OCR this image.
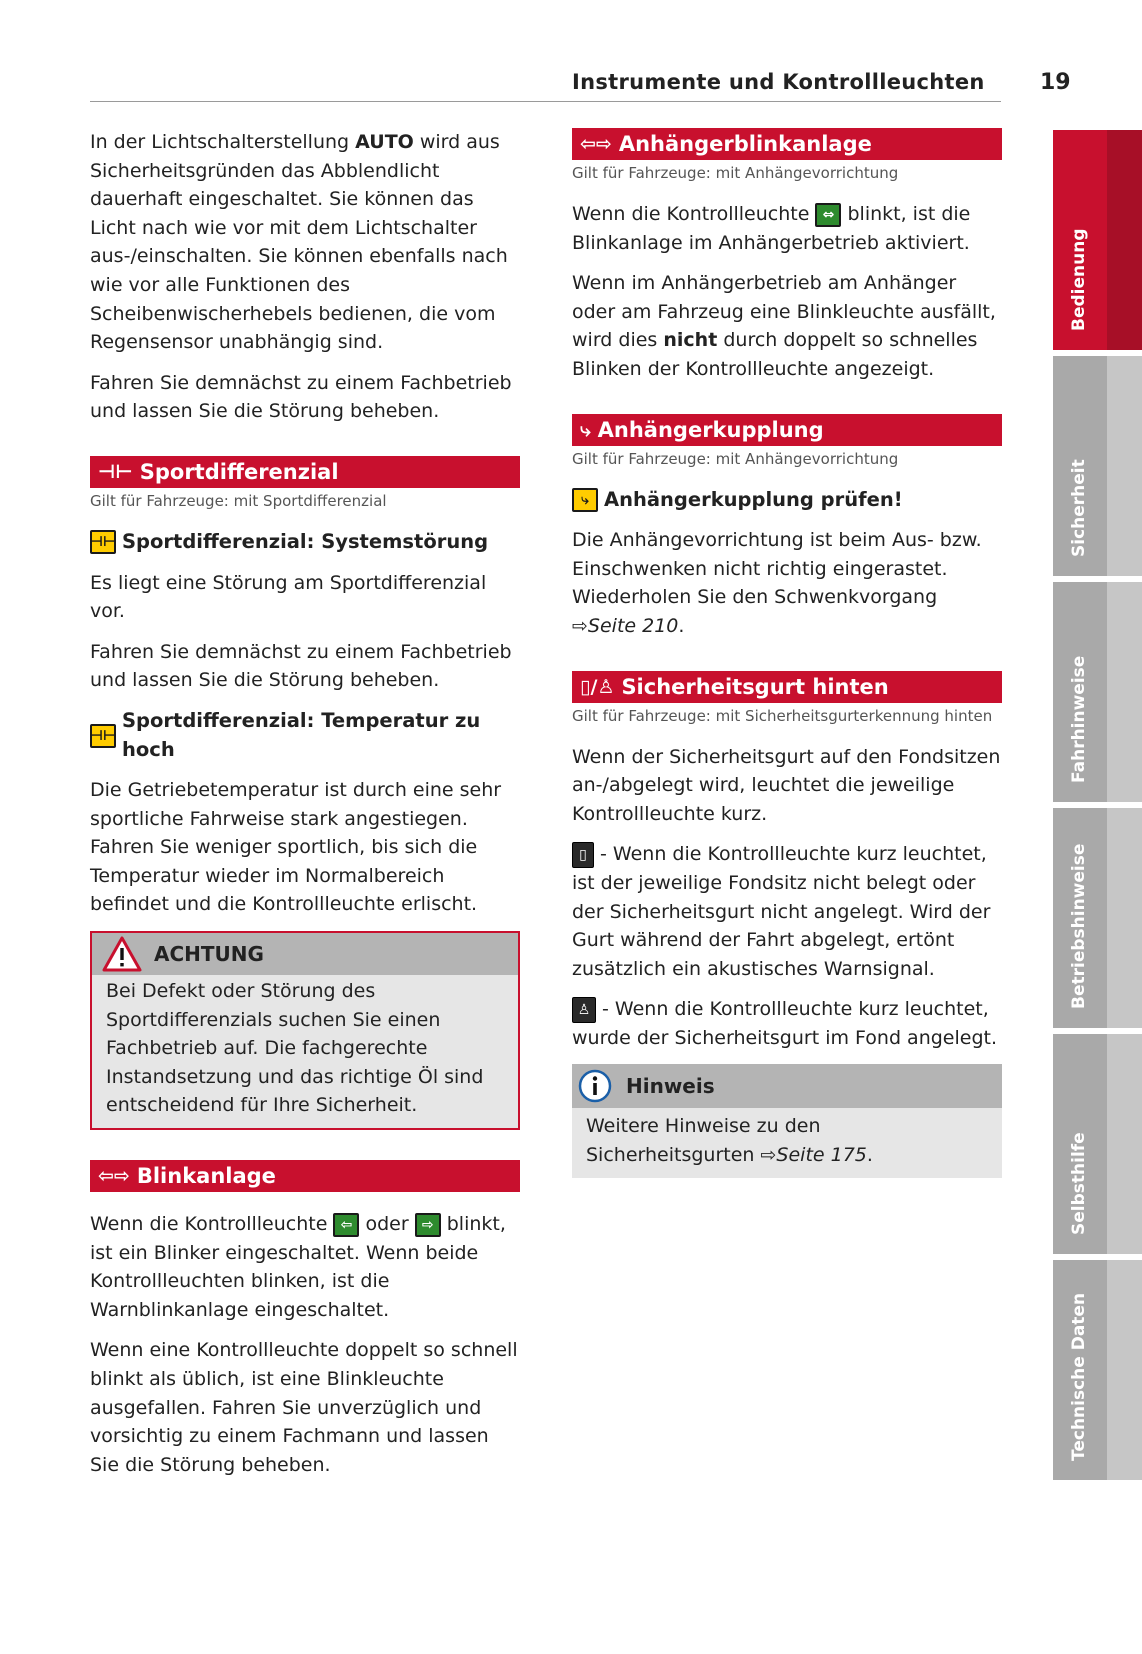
Instrumente und Kontrollleuchten	19

In der Lichtschalterstellung AUTO wird aus Sicherheitsgründen das Abblendlicht dauerhaft eingeschaltet. Sie können das Licht nach wie vor mit dem Lichtschalter aus-/einschalten. Sie können ebenfalls nach wie vor alle Funktionen des Scheibenwischerhebels bedienen, die vom Regensensor unabhängig sind.

Fahren Sie demnächst zu einem Fachbetrieb und lassen Sie die Störung beheben.

⊣⊢ Sportdifferenzial
Gilt für Fahrzeuge: mit Sportdifferenzial
⊣⊢ Sportdifferenzial: Systemstörung

Es liegt eine Störung am Sportdifferenzial vor.

Fahren Sie demnächst zu einem Fachbetrieb und lassen Sie die Störung beheben.

⊣⊢
Sportdifferenzial: Temperatur zu hoch

Die Getriebetemperatur ist durch eine sehr sportliche Fahrweise stark angestiegen. Fahren Sie weniger sportlich, bis sich die Temperatur wieder im Normalbereich befindet und die Kontrollleuchte erlischt.

ACHTUNG
Bei Defekt oder Störung des Sportdifferenzials suchen Sie einen Fachbetrieb auf. Die fachgerechte Instandsetzung und das richtige Öl sind entscheidend für Ihre Sicherheit.
⇦⇨ Blinkanlage

Wenn die Kontrollleuchte ⇦ oder ⇨ blinkt, ist ein Blinker eingeschaltet. Wenn beide Kontrollleuchten blinken, ist die Warnblinkanlage eingeschaltet.

Wenn eine Kontrollleuchte doppelt so schnell blinkt als üblich, ist eine Blinkleuchte ausgefallen. Fahren Sie unverzüglich und vorsichtig zu einem Fachmann und lassen Sie die Störung beheben.

⇦⇨ Anhängerblinkanlage
Gilt für Fahrzeuge: mit Anhängevorrichtung

Wenn die Kontrollleuchte ⇔ blinkt, ist die Blinkanlage im Anhängerbetrieb aktiviert.

Wenn im Anhängerbetrieb am Anhänger oder am Fahrzeug eine Blinkleuchte ausfällt, wird dies nicht durch doppelt so schnelles Blinken der Kontrollleuchte angezeigt.

⤷ Anhängerkupplung
Gilt für Fahrzeuge: mit Anhängevorrichtung
⤷ Anhängerkupplung prüfen!

Die Anhängevorrichtung ist beim Aus- bzw. Einschwenken nicht richtig eingerastet. Wiederholen Sie den Schwenkvorgang ⇨Seite 210.

▯/♙ Sicherheitsgurt hinten
Gilt für Fahrzeuge: mit Sicherheitsgurterkennung hinten

Wenn der Sicherheitsgurt auf den Fondsitzen an-/abgelegt wird, leuchtet die jeweilige Kontrollleuchte kurz.

▯ - Wenn die Kontrollleuchte kurz leuchtet, ist der jeweilige Fondsitz nicht belegt oder der Sicherheitsgurt nicht angelegt. Wird der Gurt während der Fahrt abgelegt, ertönt zusätzlich ein akustisches Warnsignal.

♙ - Wenn die Kontrollleuchte kurz leuchtet, wurde der Sicherheitsgurt im Fond angelegt.

Hinweis
Weitere Hinweise zu den Sicherheitsgurten ⇨Seite 175.
Bedienung
Sicherheit
Fahrhinweise
Betriebshinweise
Selbsthilfe
Technische Daten
